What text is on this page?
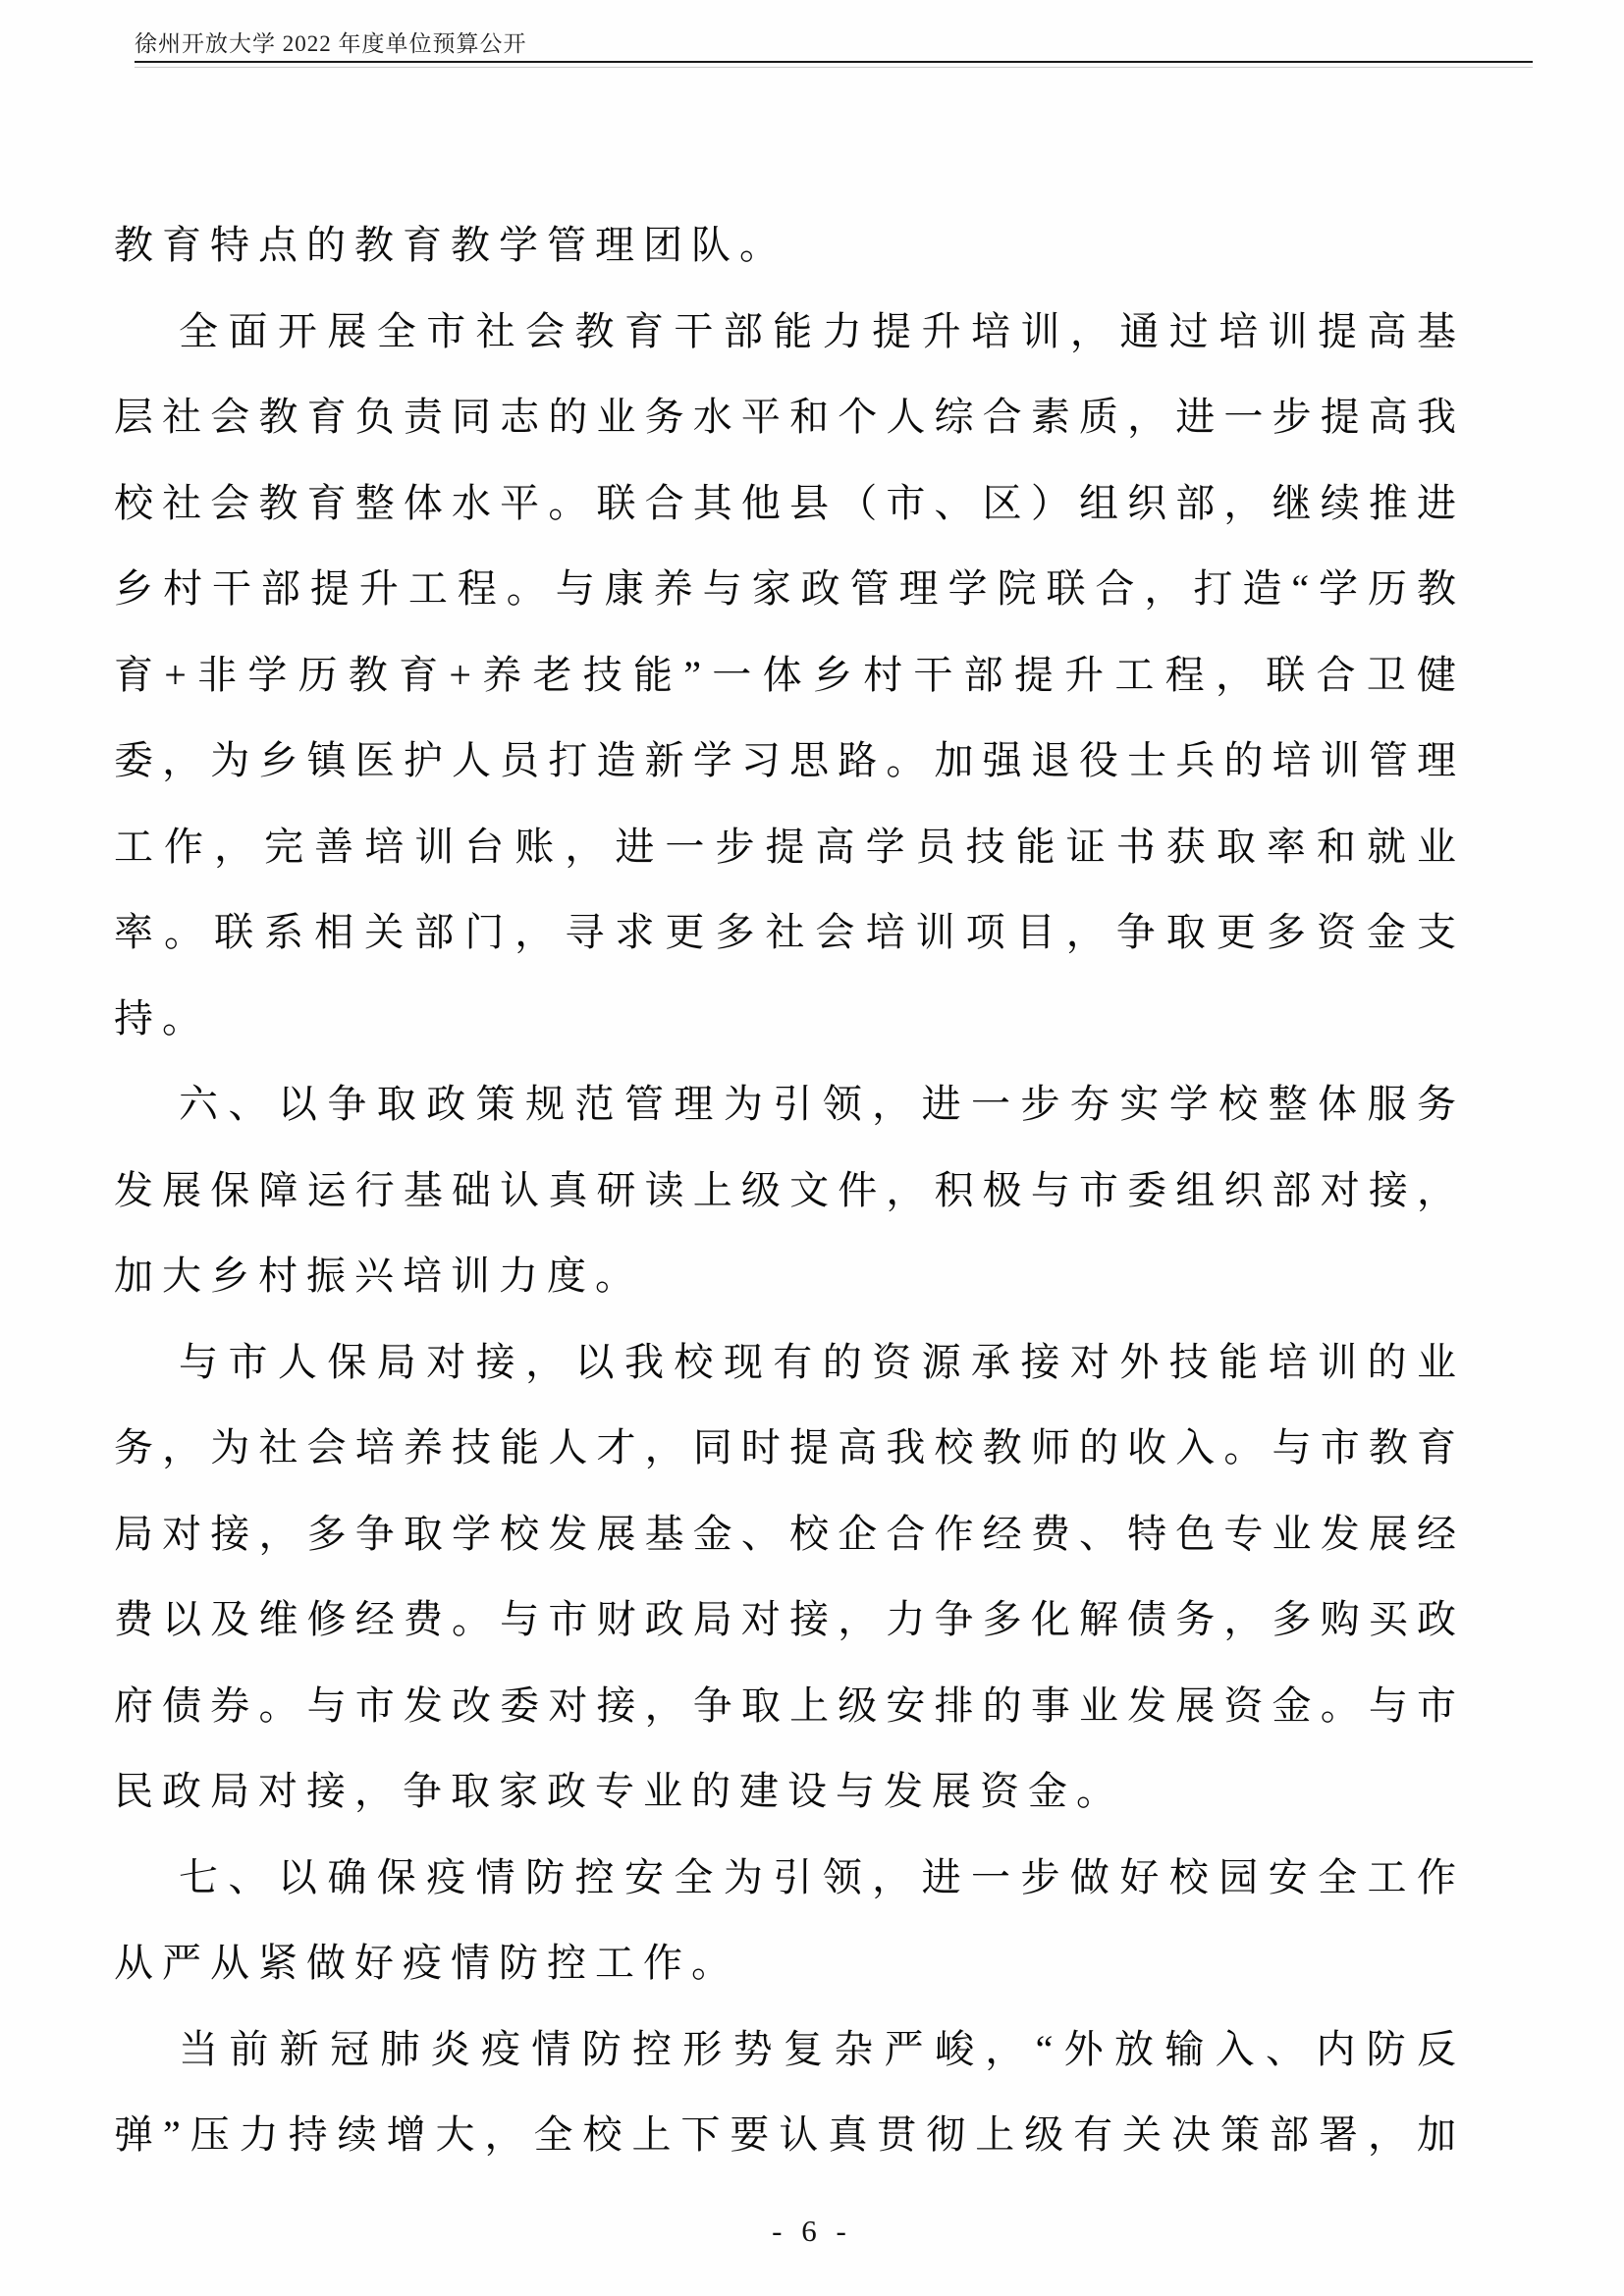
徐州开放大学 2022 年度单位预算公开
教育特点的教育教学管理团队。
全面开展全市社会教育干部能力提升培训，通过培训提高基
层社会教育负责同志的业务水平和个人综合素质，进一步提高我
校社会教育整体水平。联合其他县（市、区）组织部，继续推进
乡村干部提升工程。与康养与家政管理学院联合，打造“学历教
育+非学历教育+养老技能”一体乡村干部提升工程，联合卫健
委，为乡镇医护人员打造新学习思路。加强退役士兵的培训管理
工作，完善培训台账，进一步提高学员技能证书获取率和就业
率。联系相关部门，寻求更多社会培训项目，争取更多资金支
持。
六、以争取政策规范管理为引领，进一步夯实学校整体服务
发展保障运行基础认真研读上级文件，积极与市委组织部对接，
加大乡村振兴培训力度。
与市人保局对接，以我校现有的资源承接对外技能培训的业
务，为社会培养技能人才，同时提高我校教师的收入。与市教育
局对接，多争取学校发展基金、校企合作经费、特色专业发展经
费以及维修经费。与市财政局对接，力争多化解债务，多购买政
府债券。与市发改委对接，争取上级安排的事业发展资金。与市
民政局对接，争取家政专业的建设与发展资金。
七、以确保疫情防控安全为引领，进一步做好校园安全工作
从严从紧做好疫情防控工作。
当前新冠肺炎疫情防控形势复杂严峻，“外放输入、内防反
弹”压力持续增大，全校上下要认真贯彻上级有关决策部署，加
- 6 -
